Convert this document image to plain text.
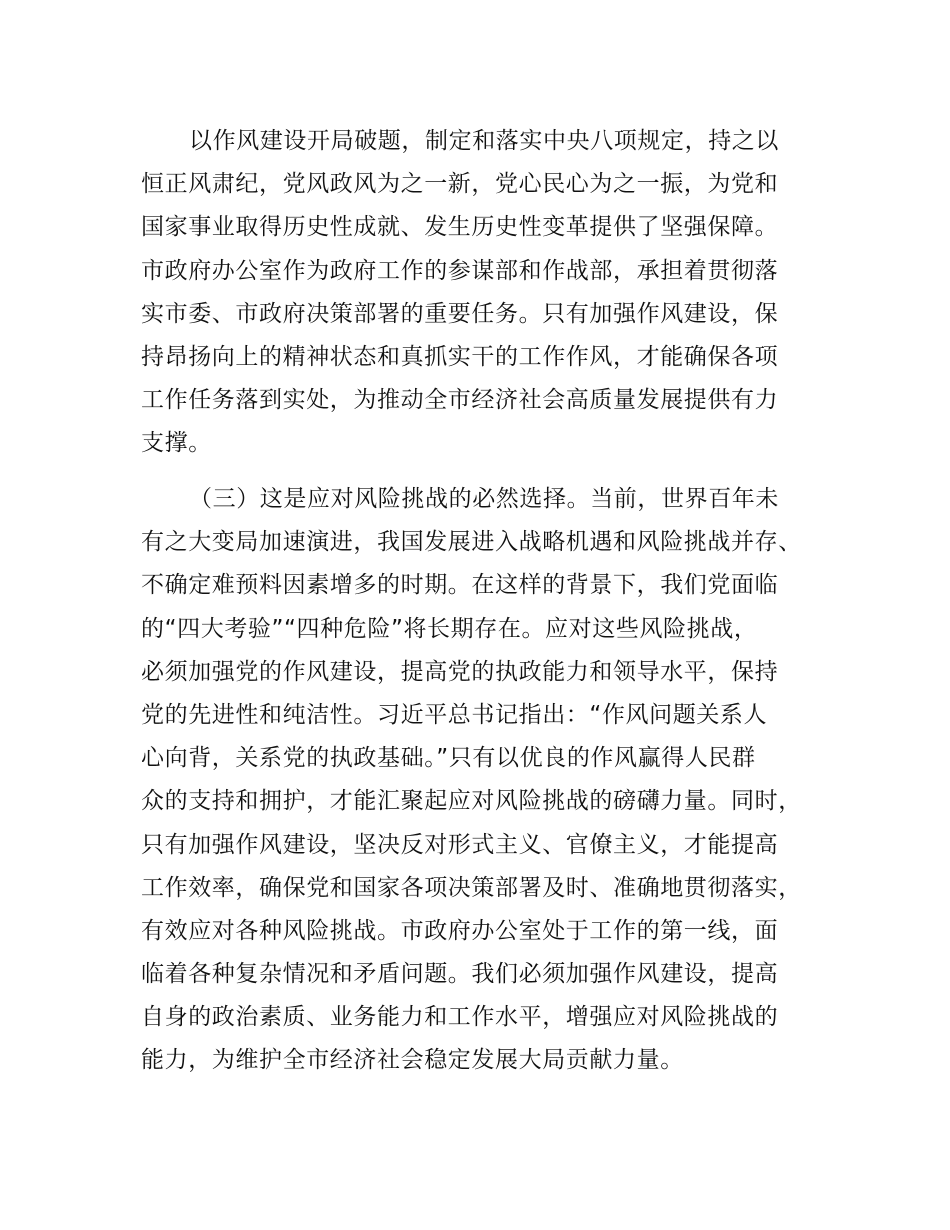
以作风建设开局破题，制定和落实中央八项规定，持之以
恒正风肃纪，党风政风为之一新，党心民心为之一振，为党和
国家事业取得历史性成就、发生历史性变革提供了坚强保障。
市政府办公室作为政府工作的参谋部和作战部，承担着贯彻落
实市委、市政府决策部署的重要任务。只有加强作风建设，保
持昂扬向上的精神状态和真抓实干的工作作风，才能确保各项
工作任务落到实处，为推动全市经济社会高质量发展提供有力
支撑。
（三）这是应对风险挑战的必然选择。当前，世界百年未
有之大变局加速演进，我国发展进入战略机遇和风险挑战并存、
不确定难预料因素增多的时期。在这样的背景下，我们党面临
的“四大考验”“四种危险”将长期存在。应对这些风险挑战，
必须加强党的作风建设，提高党的执政能力和领导水平，保持
党的先进性和纯洁性。习近平总书记指出：“作风问题关系人
心向背，关系党的执政基础。”只有以优良的作风赢得人民群
众的支持和拥护，才能汇聚起应对风险挑战的磅礴力量。同时，
只有加强作风建设，坚决反对形式主义、官僚主义，才能提高
工作效率，确保党和国家各项决策部署及时、准确地贯彻落实，
有效应对各种风险挑战。市政府办公室处于工作的第一线，面
临着各种复杂情况和矛盾问题。我们必须加强作风建设，提高
自身的政治素质、业务能力和工作水平，增强应对风险挑战的
能力，为维护全市经济社会稳定发展大局贡献力量。
